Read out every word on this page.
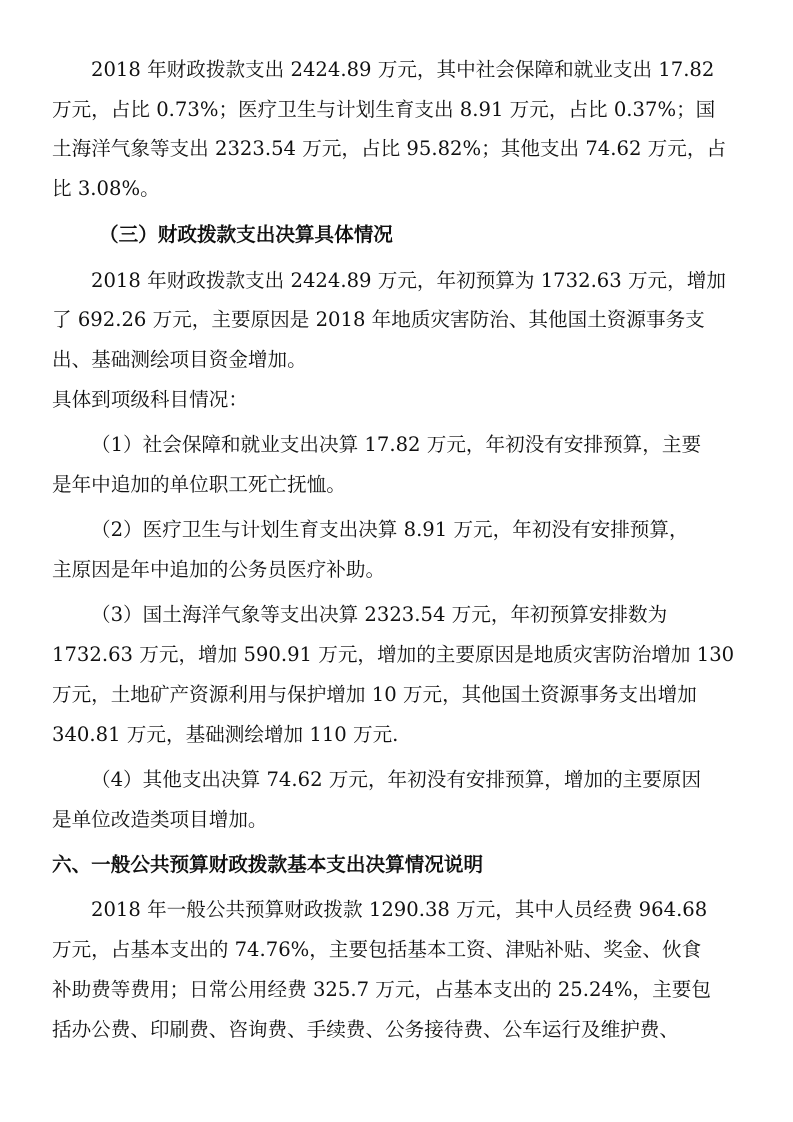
2018 年财政拨款支出 2424.89 万元，其中社会保障和就业支出 17.82
万元，占比 0.73%；医疗卫生与计划生育支出 8.91 万元，占比 0.37%；国
土海洋气象等支出 2323.54 万元，占比 95.82%；其他支出 74.62 万元，占
比 3.08%。
（三）财政拨款支出决算具体情况
2018 年财政拨款支出 2424.89 万元，年初预算为 1732.63 万元，增加
了 692.26 万元，主要原因是 2018 年地质灾害防治、其他国土资源事务支
出、基础测绘项目资金增加。
具体到项级科目情况：
（1）社会保障和就业支出决算 17.82 万元，年初没有安排预算，主要
是年中追加的单位职工死亡抚恤。
（2）医疗卫生与计划生育支出决算 8.91 万元，年初没有安排预算，
主原因是年中追加的公务员医疗补助。
（3）国土海洋气象等支出决算 2323.54 万元，年初预算安排数为
1732.63 万元，增加 590.91 万元，增加的主要原因是地质灾害防治增加 130
万元，土地矿产资源利用与保护增加 10 万元，其他国土资源事务支出增加
340.81 万元，基础测绘增加 110 万元.
（4）其他支出决算 74.62 万元，年初没有安排预算，增加的主要原因
是单位改造类项目增加。
六、一般公共预算财政拨款基本支出决算情况说明
2018 年一般公共预算财政拨款 1290.38 万元，其中人员经费 964.68
万元，占基本支出的 74.76%，主要包括基本工资、津贴补贴、奖金、伙食
补助费等费用；日常公用经费 325.7 万元，占基本支出的 25.24%，主要包
括办公费、印刷费、咨询费、手续费、公务接待费、公车运行及维护费、
